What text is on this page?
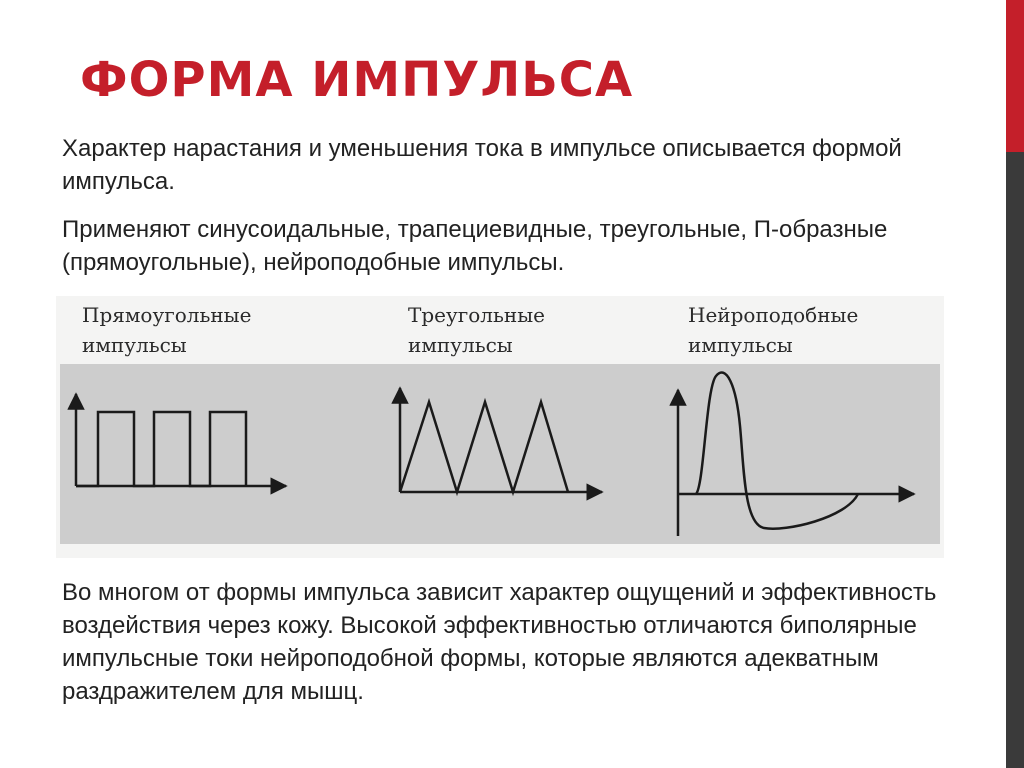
ФОРМА ИМПУЛЬСА

Характер нарастания и уменьшения тока в импульсе описывается формой импульса.

Применяют синусоидальные, трапециевидные, треугольные, П-образные (прямоугольные), нейроподобные импульсы.

Прямоугольные
импульсы
Треугольные
импульсы
Нейроподобные
импульсы

Во многом от формы импульса зависит характер ощущений и эффективность воздействия через кожу. Высокой эффективностью отличаются биполярные импульсные токи нейроподобной формы, которые являются адекватным раздражителем для мышц.
